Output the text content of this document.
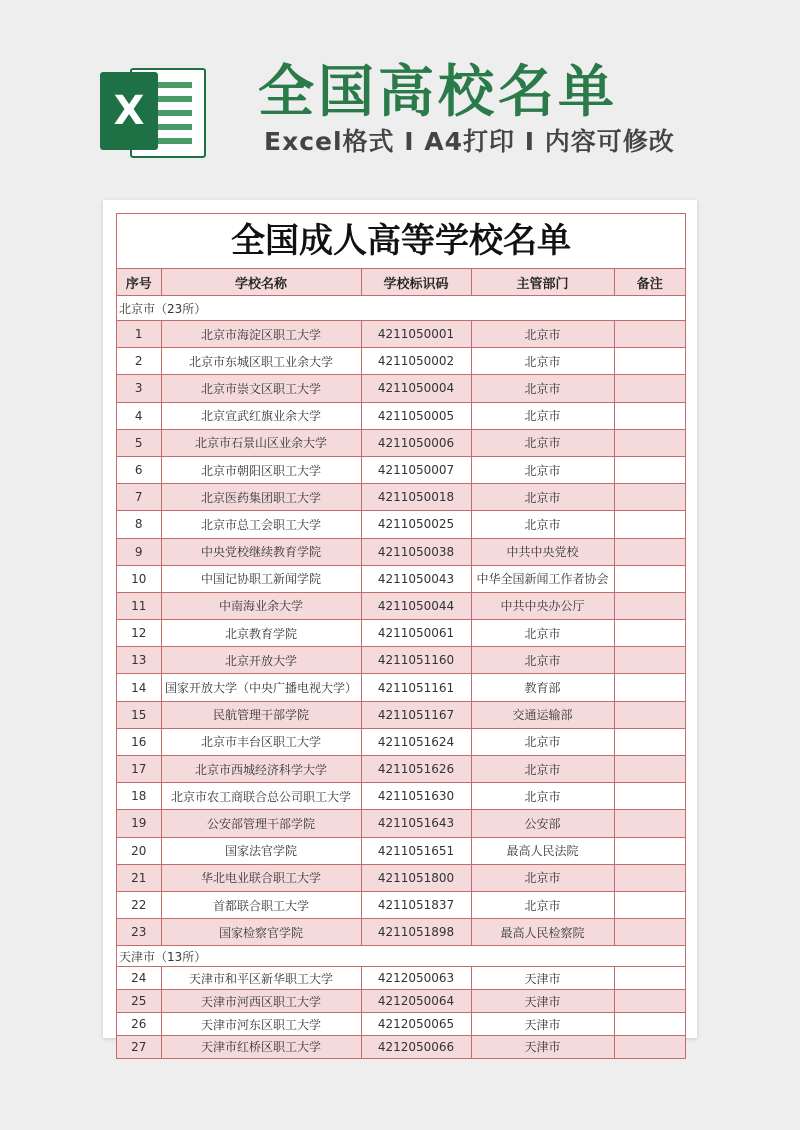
X 全国高校名单
Excel格式 I A4打印 I 内容可修改
全国成人高等学校名单
序号	学校名称	学校标识码	主管部门	备注
北京市（23所）				
1	北京市海淀区职工大学	4211050001	北京市	
2	北京市东城区职工业余大学	4211050002	北京市	
3	北京市崇文区职工大学	4211050004	北京市	
4	北京宣武红旗业余大学	4211050005	北京市	
5	北京市石景山区业余大学	4211050006	北京市	
6	北京市朝阳区职工大学	4211050007	北京市	
7	北京医药集团职工大学	4211050018	北京市	
8	北京市总工会职工大学	4211050025	北京市	
9	中央党校继续教育学院	4211050038	中共中央党校	
10	中国记协职工新闻学院	4211050043	中华全国新闻工作者协会	
11	中南海业余大学	4211050044	中共中央办公厅	
12	北京教育学院	4211050061	北京市	
13	北京开放大学	4211051160	北京市	
14	国家开放大学（中央广播电视大学）	4211051161	教育部	
15	民航管理干部学院	4211051167	交通运输部	
16	北京市丰台区职工大学	4211051624	北京市	
17	北京市西城经济科学大学	4211051626	北京市	
18	北京市农工商联合总公司职工大学	4211051630	北京市	
19	公安部管理干部学院	4211051643	公安部	
20	国家法官学院	4211051651	最高人民法院	
21	华北电业联合职工大学	4211051800	北京市	
22	首都联合职工大学	4211051837	北京市	
23	国家检察官学院	4211051898	最高人民检察院	
天津市（13所）				
24	天津市和平区新华职工大学	4212050063	天津市	
25	天津市河西区职工大学	4212050064	天津市	
26	天津市河东区职工大学	4212050065	天津市	
27	天津市红桥区职工大学	4212050066	天津市	
